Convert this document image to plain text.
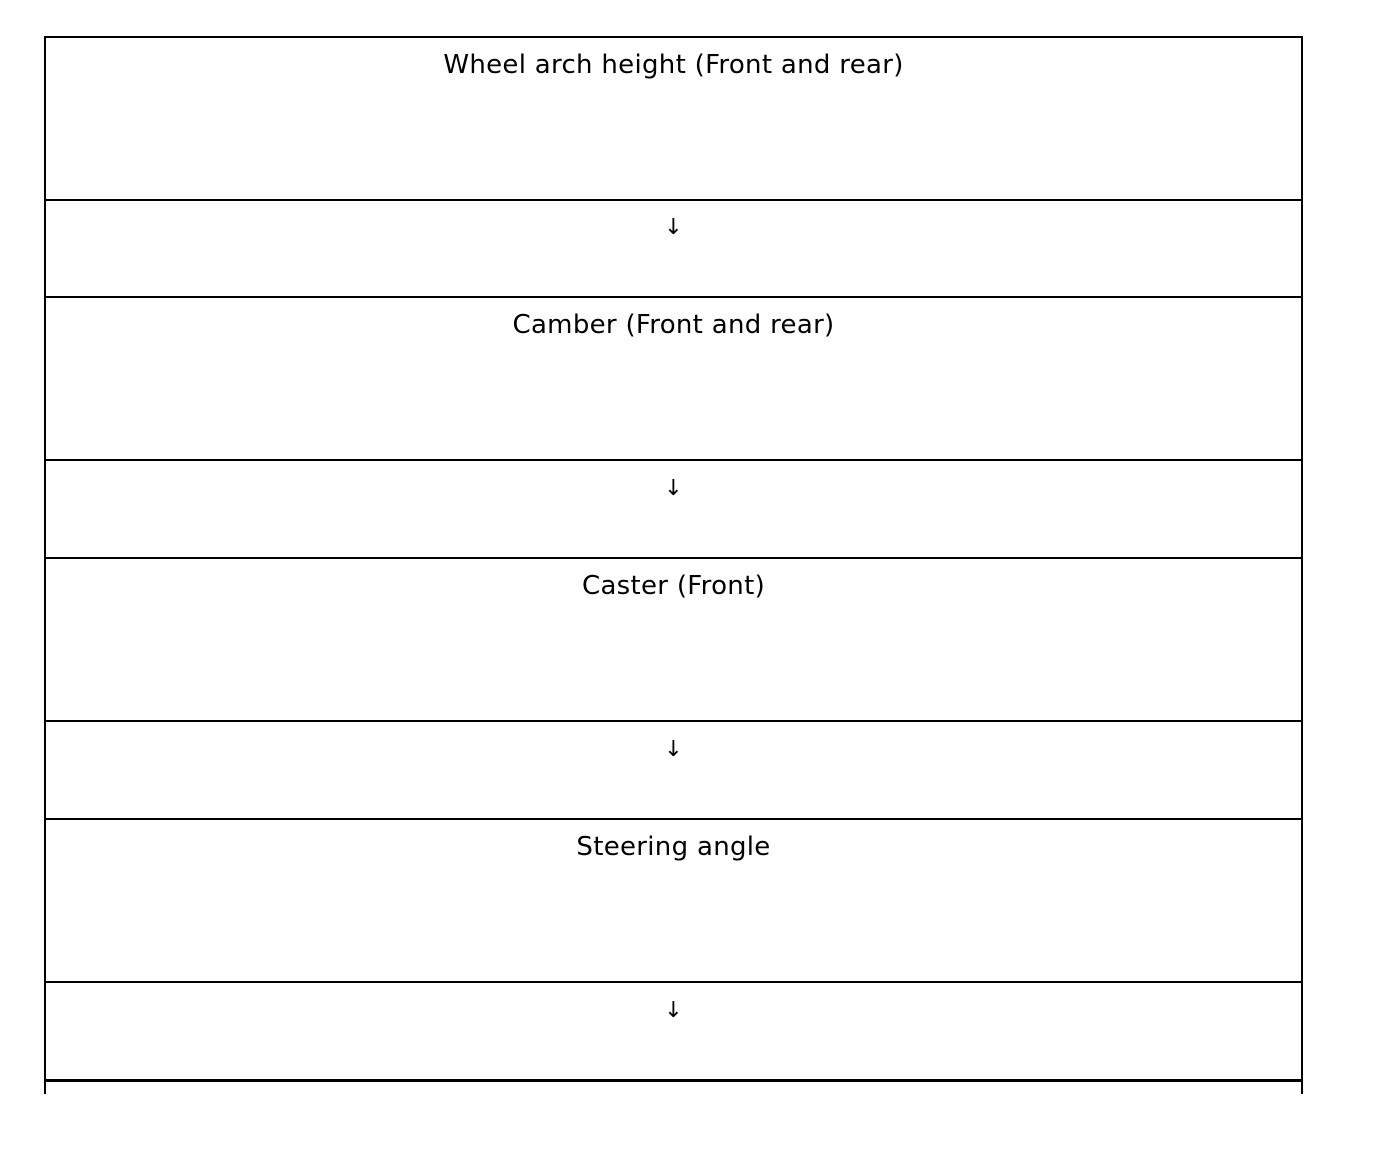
Wheel arch height (Front and rear)
↓
Camber (Front and rear)
↓
Caster (Front)
↓
Steering angle
↓
